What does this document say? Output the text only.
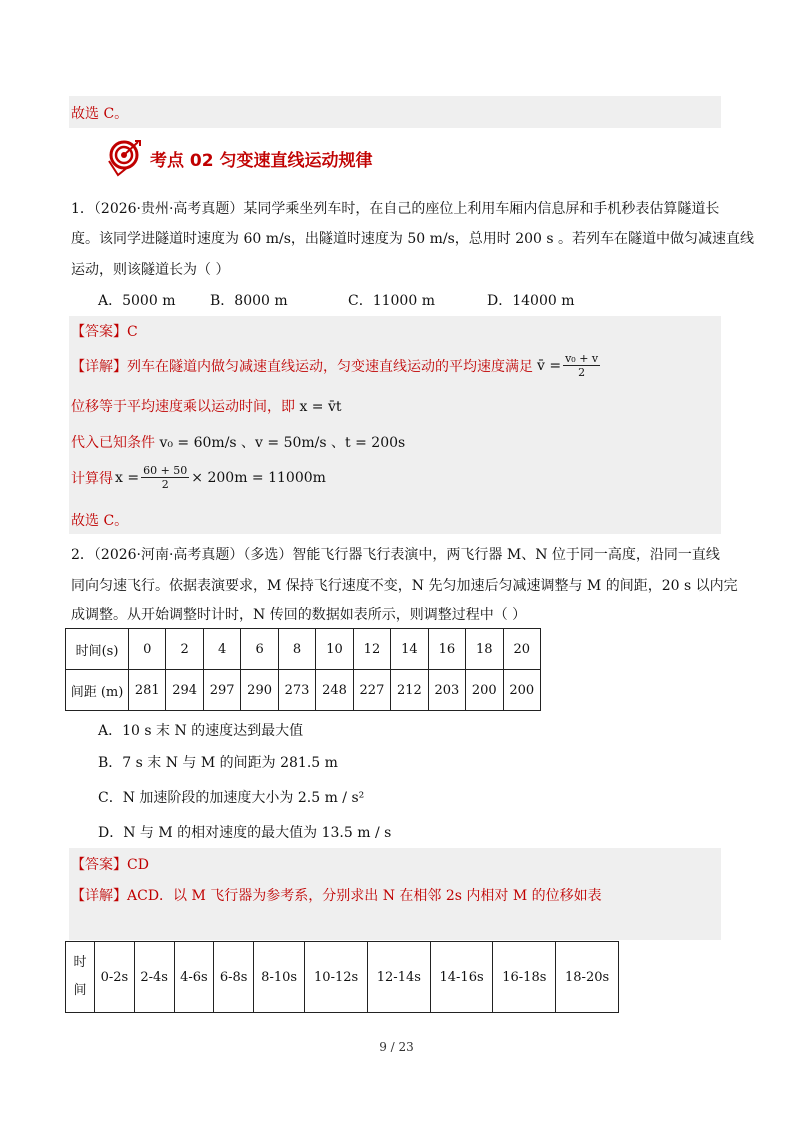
故选 C。
考点 02 匀变速直线运动规律
1．（2026·贵州·高考真题）某同学乘坐列车时，在自己的座位上利用车厢内信息屏和手机秒表估算隧道长
度。该同学进隧道时速度为 60 m/s，出隧道时速度为 50 m/s，总用时 200 s 。若列车在隧道中做匀减速直线
运动，则该隧道长为（ ）
A．5000 m B．8000 m	C．11000 m	D．14000 m
【答案】C
【详解】 列车在隧道内做匀减速直线运动，匀变速直线运动的平均速度满足 v̄ = $\frac{\text{v₀ + v}}{2}$
位移等于平均速度乘以运动时间，即 x = v̄t
代入已知条件 v₀ = 60m/s 、v = 50m/s 、t = 200s
计算得 $x = \frac{60 + 50}{2} \times 200m = 11000m$
故选 C。
2．（2026·河南·高考真题）（多选）智能飞行器飞行表演中，两飞行器 M、N 位于同一高度，沿同一直线
同向匀速飞行。依据表演要求，M 保持飞行速度不变，N 先匀加速后匀减速调整与 M 的间距，20 s 以内完
成调整。从开始调整时计时，N 传回的数据如表所示，则调整过程中（ ）
时间(s)	0	2	4	6	8	10	12	14	16	18	20
间距 (m)	281	294	297	290	273	248	227	212	203	200	200
A．10 s 末 N 的速度达到最大值
B．7 s 末 N 与 M 的间距为 281.5 m
C．N 加速阶段的加速度大小为 2.5 m / s²
D．N 与 M 的相对速度的最大值为 13.5 m / s
【答案】CD
【详解】ACD．以 M 飞行器为参考系，分别求出 N 在相邻 2s 内相对 M 的位移如表
时
间	0-2s	2-4s	4-6s	6-8s	8-10s	10-12s	12-14s	14-16s	16-18s	18-20s
9 / 23
